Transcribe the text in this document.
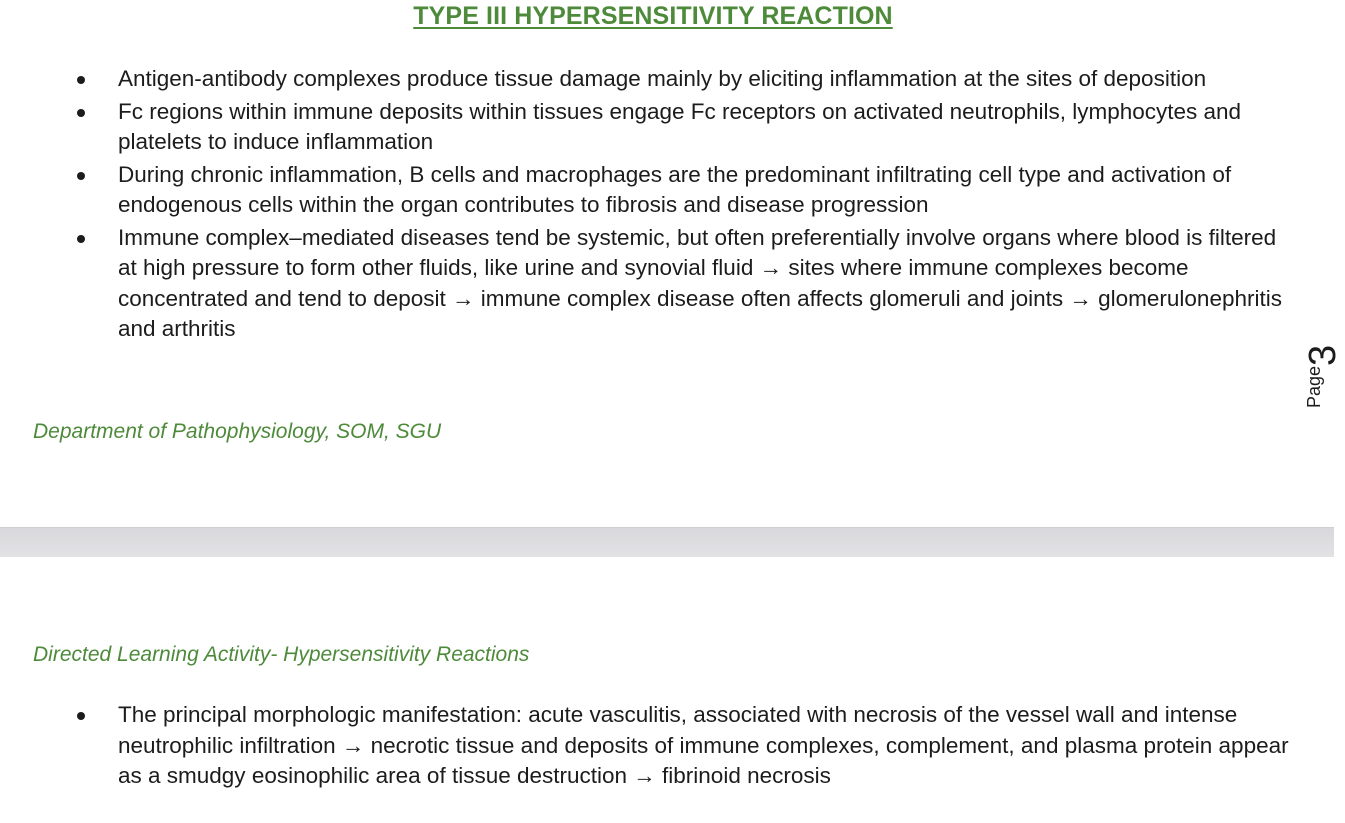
TYPE III HYPERSENSITIVITY REACTION
Antigen-antibody complexes produce tissue damage mainly by eliciting inflammation at the sites of deposition
Fc regions within immune deposits within tissues engage Fc receptors on activated neutrophils, lymphocytes and platelets to induce inflammation
During chronic inflammation, B cells and macrophages are the predominant infiltrating cell type and activation of endogenous cells within the organ contributes to fibrosis and disease progression
Immune complex–mediated diseases tend be systemic, but often preferentially involve organs where blood is filtered at high pressure to form other fluids, like urine and synovial fluid → sites where immune complexes become concentrated and tend to deposit → immune complex disease often affects glomeruli and joints → glomerulonephritis and arthritis
Page
3
Department of Pathophysiology, SOM, SGU
Directed Learning Activity- Hypersensitivity Reactions
The principal morphologic manifestation: acute vasculitis, associated with necrosis of the vessel wall and intense neutrophilic infiltration → necrotic tissue and deposits of immune complexes, complement, and plasma protein appear as a smudgy eosinophilic area of tissue destruction → fibrinoid necrosis
